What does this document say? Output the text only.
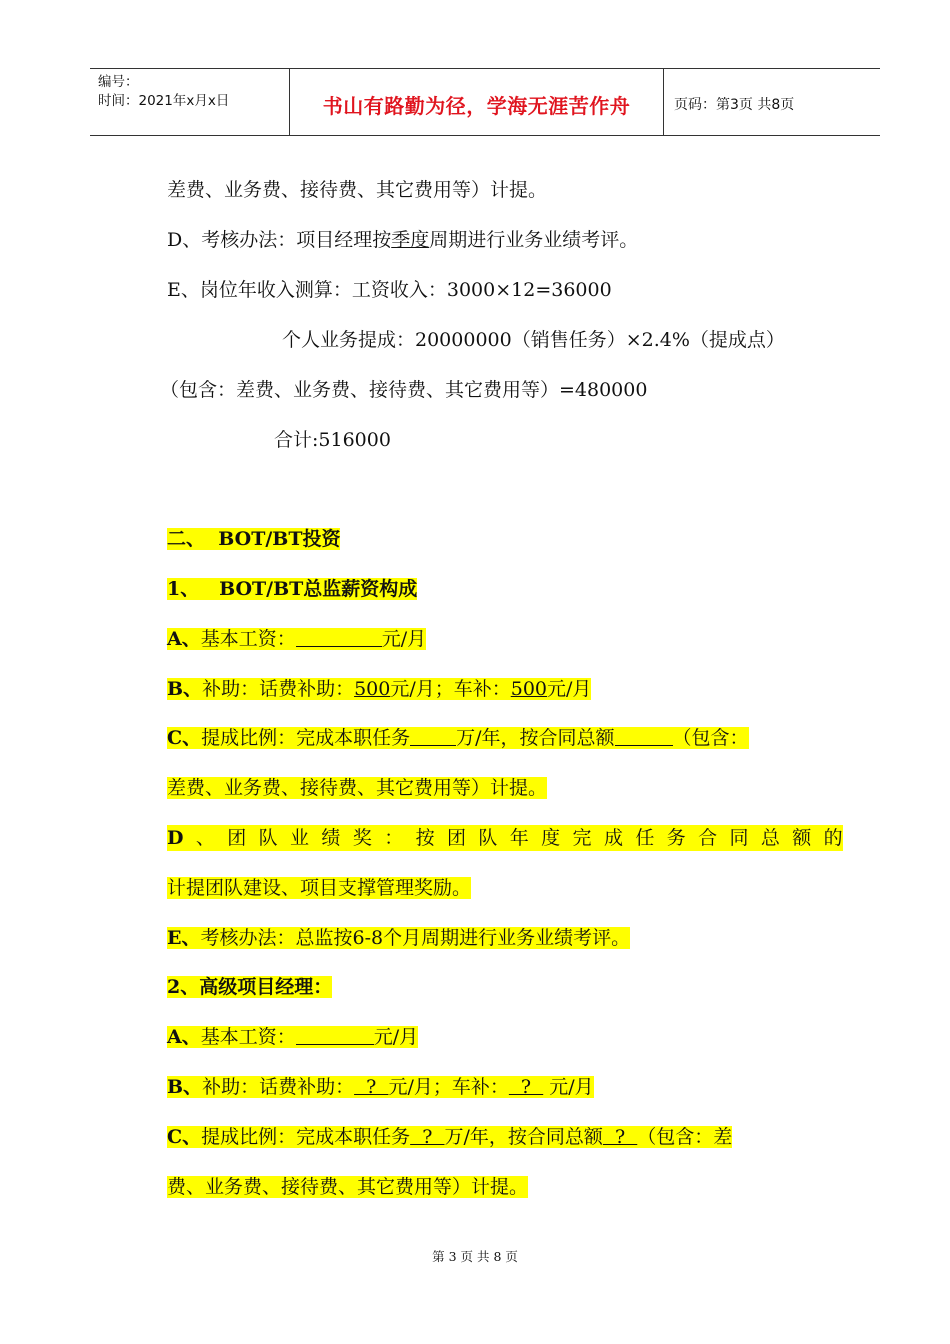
编号：
时间：2021年x月x日	书山有路勤为径，学海无涯苦作舟	页码：第3页 共8页
差费、业务费、接待费、其它费用等）计提。
D、考核办法：项目经理按季度周期进行业务业绩考评。
E、岗位年收入测算：工资收入：3000×12=36000
个人业务提成：20000000（销售任务）×2.4%（提成点）
（包含：差费、业务费、接待费、其它费用等）=480000
合计:516000
二、  BOT/BT投资
1、   BOT/BT总监薪资构成
A、基本工资：	元/月
B、补助：话费补助：500元/月；车补：500元/月
C、提成比例：完成本职任务 万/年，按合同总额	（包含：
差费、业务费、接待费、其它费用等）计提。
D 、 团 队 业 绩 奖 ： 按 团 队 年 度 完 成 任 务 合 同 总 额 的
计提团队建设、项目支撑管理奖励。
E、考核办法：总监按6-8个月周期进行业务业绩考评。
2、高级项目经理：
A、基本工资：	元/月
B、补助：话费补助：  ?  元/月；车补：  ?   元/月
C、提成比例：完成本职任务  ?  万/年，按合同总额  ?  （包含：差
费、业务费、接待费、其它费用等）计提。
第 3 页 共 8 页
